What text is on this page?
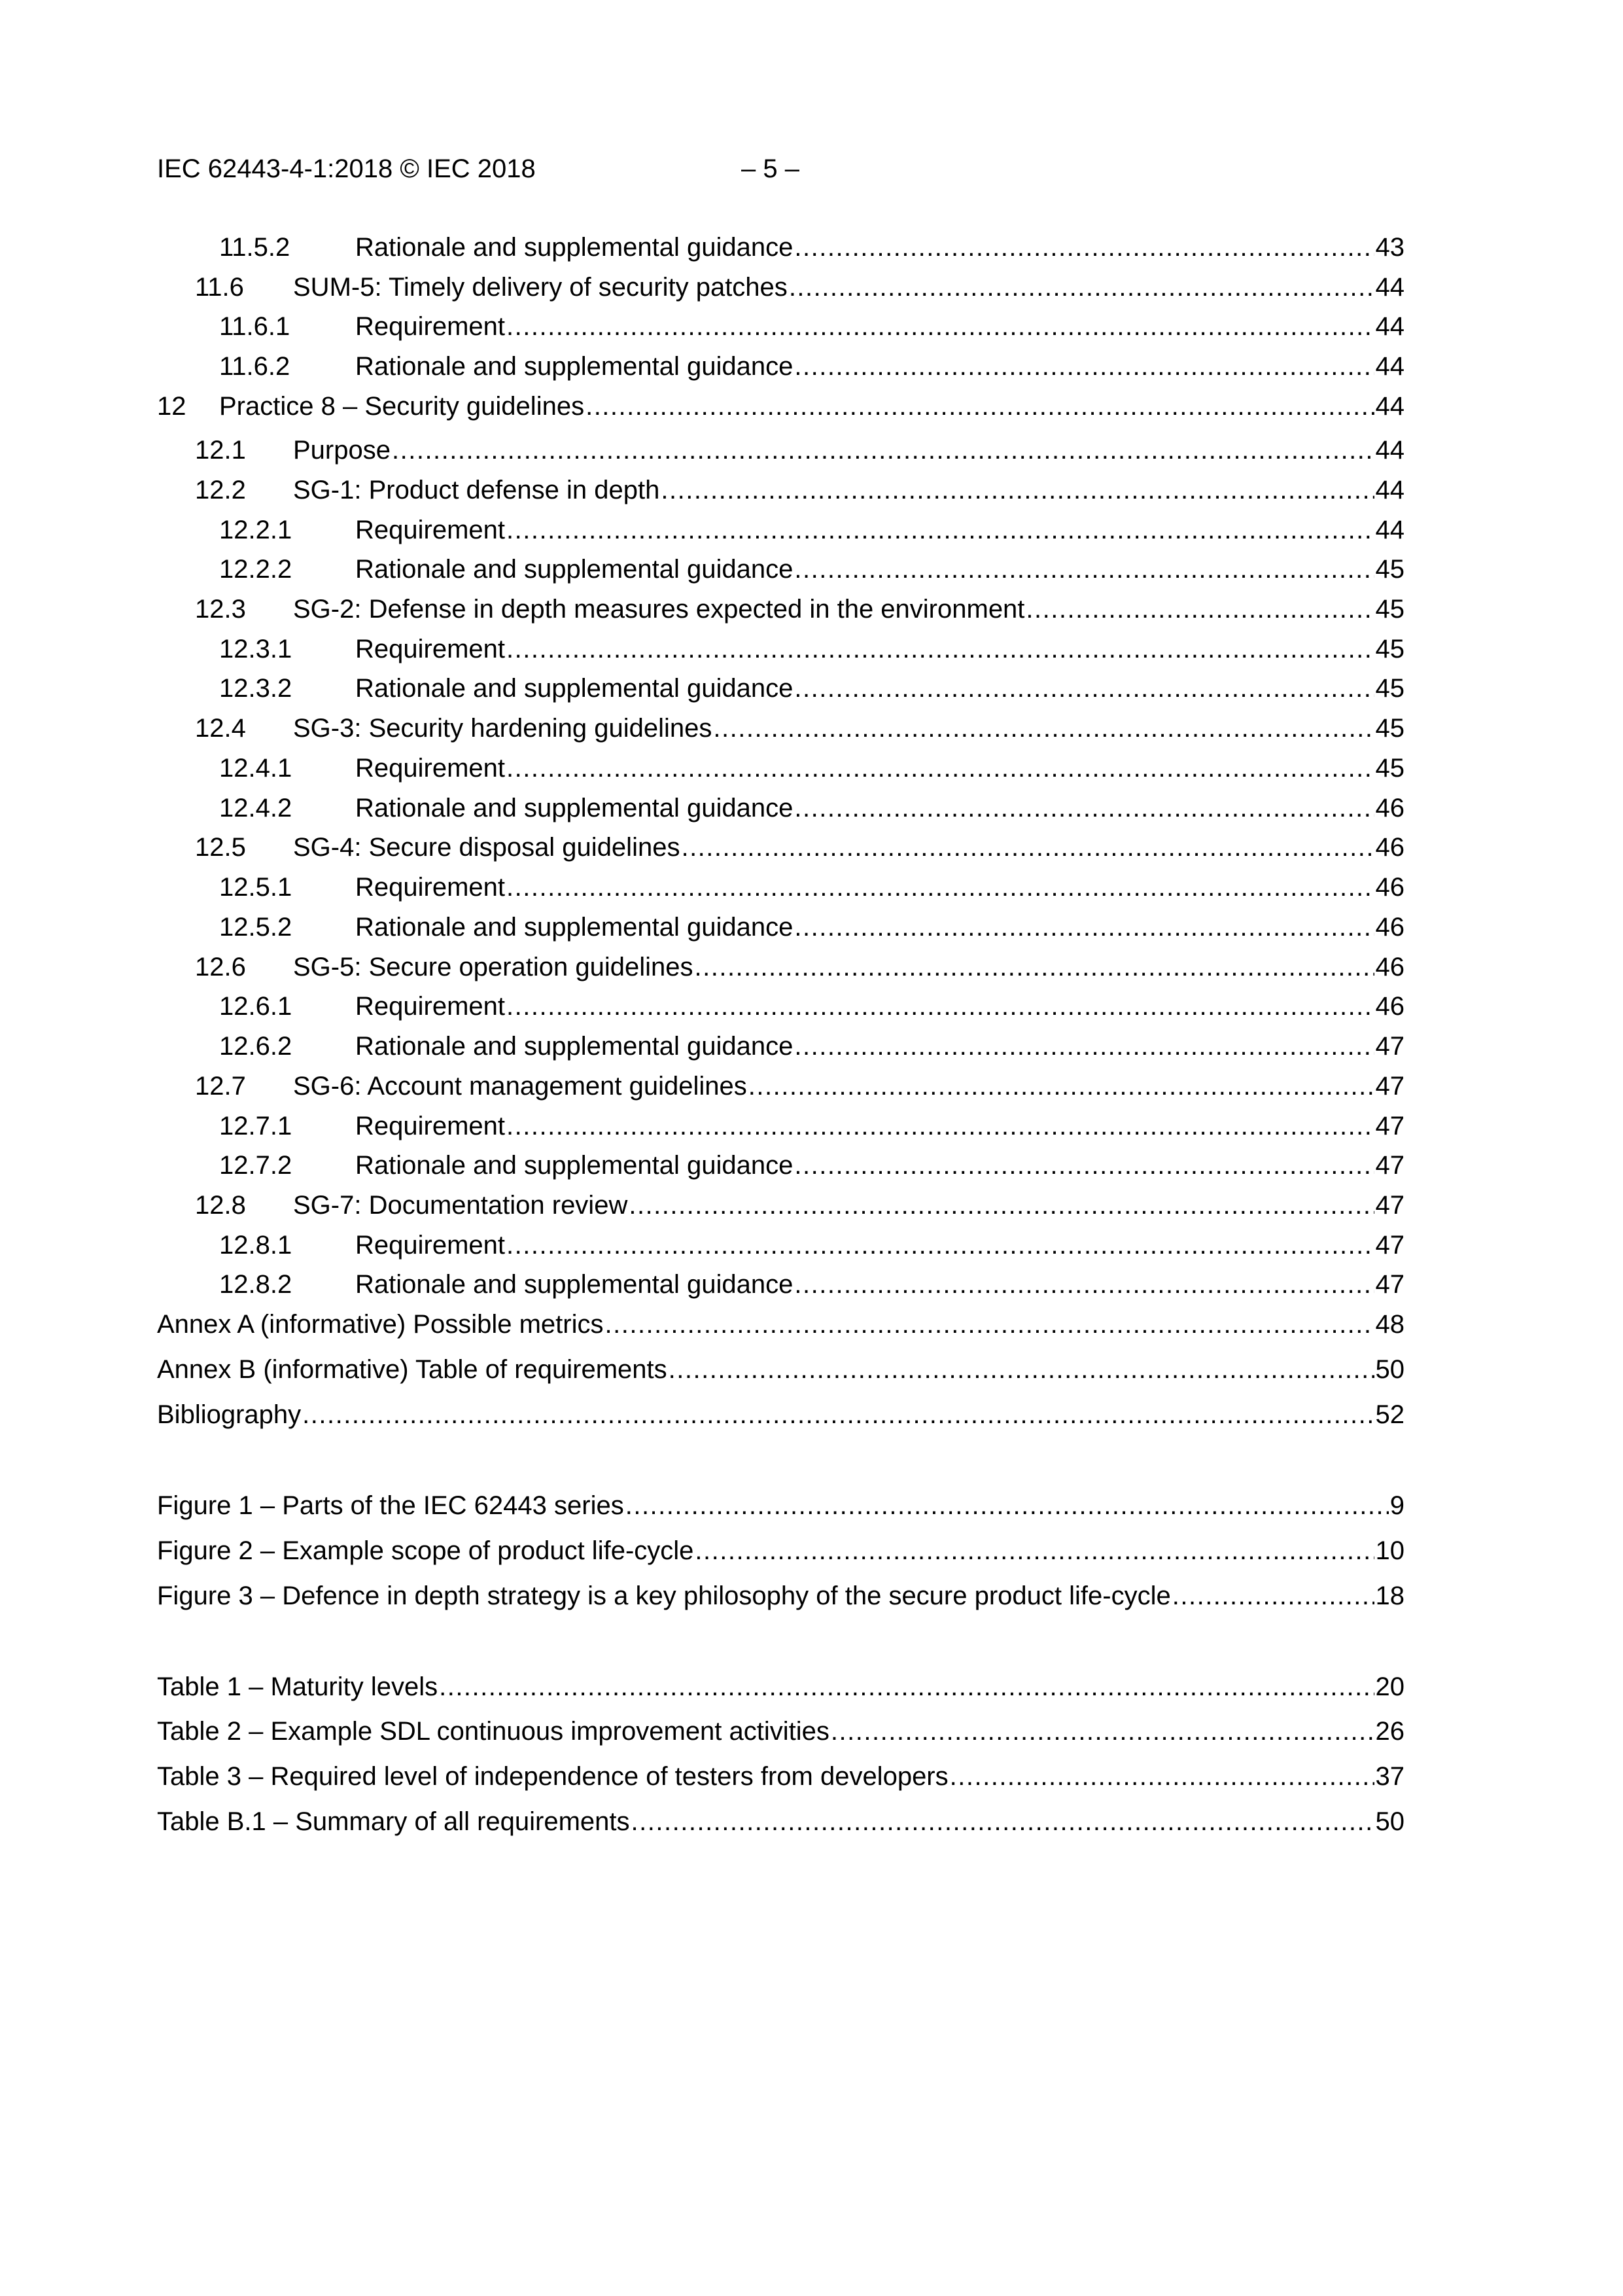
IEC 62443-4-1:2018 © IEC 2018	– 5 –
11.5.2	Rationale and supplemental guidance .....	43
11.6	SUM-5: Timely delivery of security patches .....	44
11.6.1	Requirement .....	44
11.6.2	Rationale and supplemental guidance .....	44
12	Practice 8 – Security guidelines .....	44
12.1	Purpose .....	44
12.2	SG-1: Product defense in depth .....	44
12.2.1	Requirement .....	44
12.2.2	Rationale and supplemental guidance .....	45
12.3	SG-2: Defense in depth measures expected in the environment .....	45
12.3.1	Requirement .....	45
12.3.2	Rationale and supplemental guidance .....	45
12.4	SG-3: Security hardening guidelines .....	45
12.4.1	Requirement .....	45
12.4.2	Rationale and supplemental guidance .....	46
12.5	SG-4: Secure disposal guidelines .....	46
12.5.1	Requirement .....	46
12.5.2	Rationale and supplemental guidance .....	46
12.6	SG-5: Secure operation guidelines .....	46
12.6.1	Requirement .....	46
12.6.2	Rationale and supplemental guidance .....	47
12.7	SG-6: Account management guidelines .....	47
12.7.1	Requirement .....	47
12.7.2	Rationale and supplemental guidance .....	47
12.8	SG-7: Documentation review .....	47
12.8.1	Requirement .....	47
12.8.2	Rationale and supplemental guidance .....	47
Annex A (informative) Possible metrics .....	48
Annex B (informative) Table of requirements .....	50
Bibliography .....	52
Figure 1 – Parts of the IEC 62443 series .....	9
Figure 2 – Example scope of product life-cycle .....	10
Figure 3 – Defence in depth strategy is a key philosophy of the secure product life-cycle .....	18
Table 1 – Maturity levels .....	20
Table 2 – Example SDL continuous improvement activities .....	26
Table 3 – Required level of independence of testers from developers .....	37
Table B.1 – Summary of all requirements .....	50
